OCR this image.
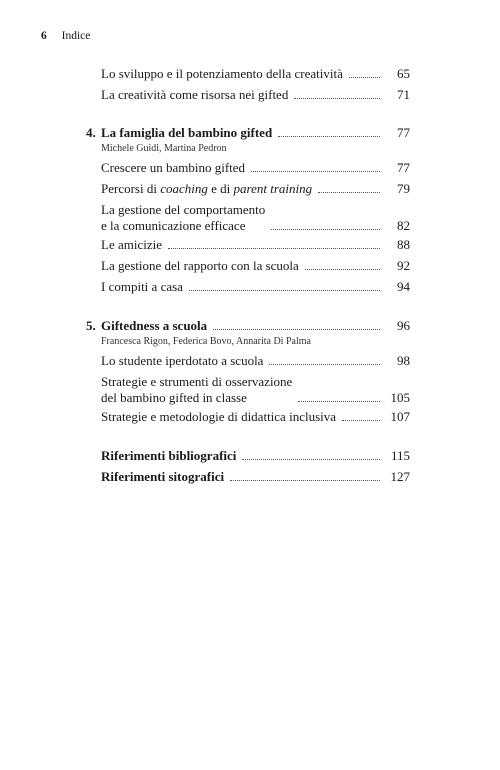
6 Indice
Lo sviluppo e il potenziamento della creatività	65
La creatività come risorsa nei gifted	71
4. La famiglia del bambino gifted	77
Michele Guidi, Martina Pedron
Crescere un bambino gifted	77
Percorsi di coaching e di parent training	79
La gestione del comportamento
e la comunicazione efficace	82
Le amicizie	88
La gestione del rapporto con la scuola	92
I compiti a casa	94
5. Giftedness a scuola	96
Francesca Rigon, Federica Bovo, Annarita Di Palma
Lo studente iperdotato a scuola	98
Strategie e strumenti di osservazione
del bambino gifted in classe	105
Strategie e metodologie di didattica inclusiva	107
Riferimenti bibliografici	115
Riferimenti sitografici	127
